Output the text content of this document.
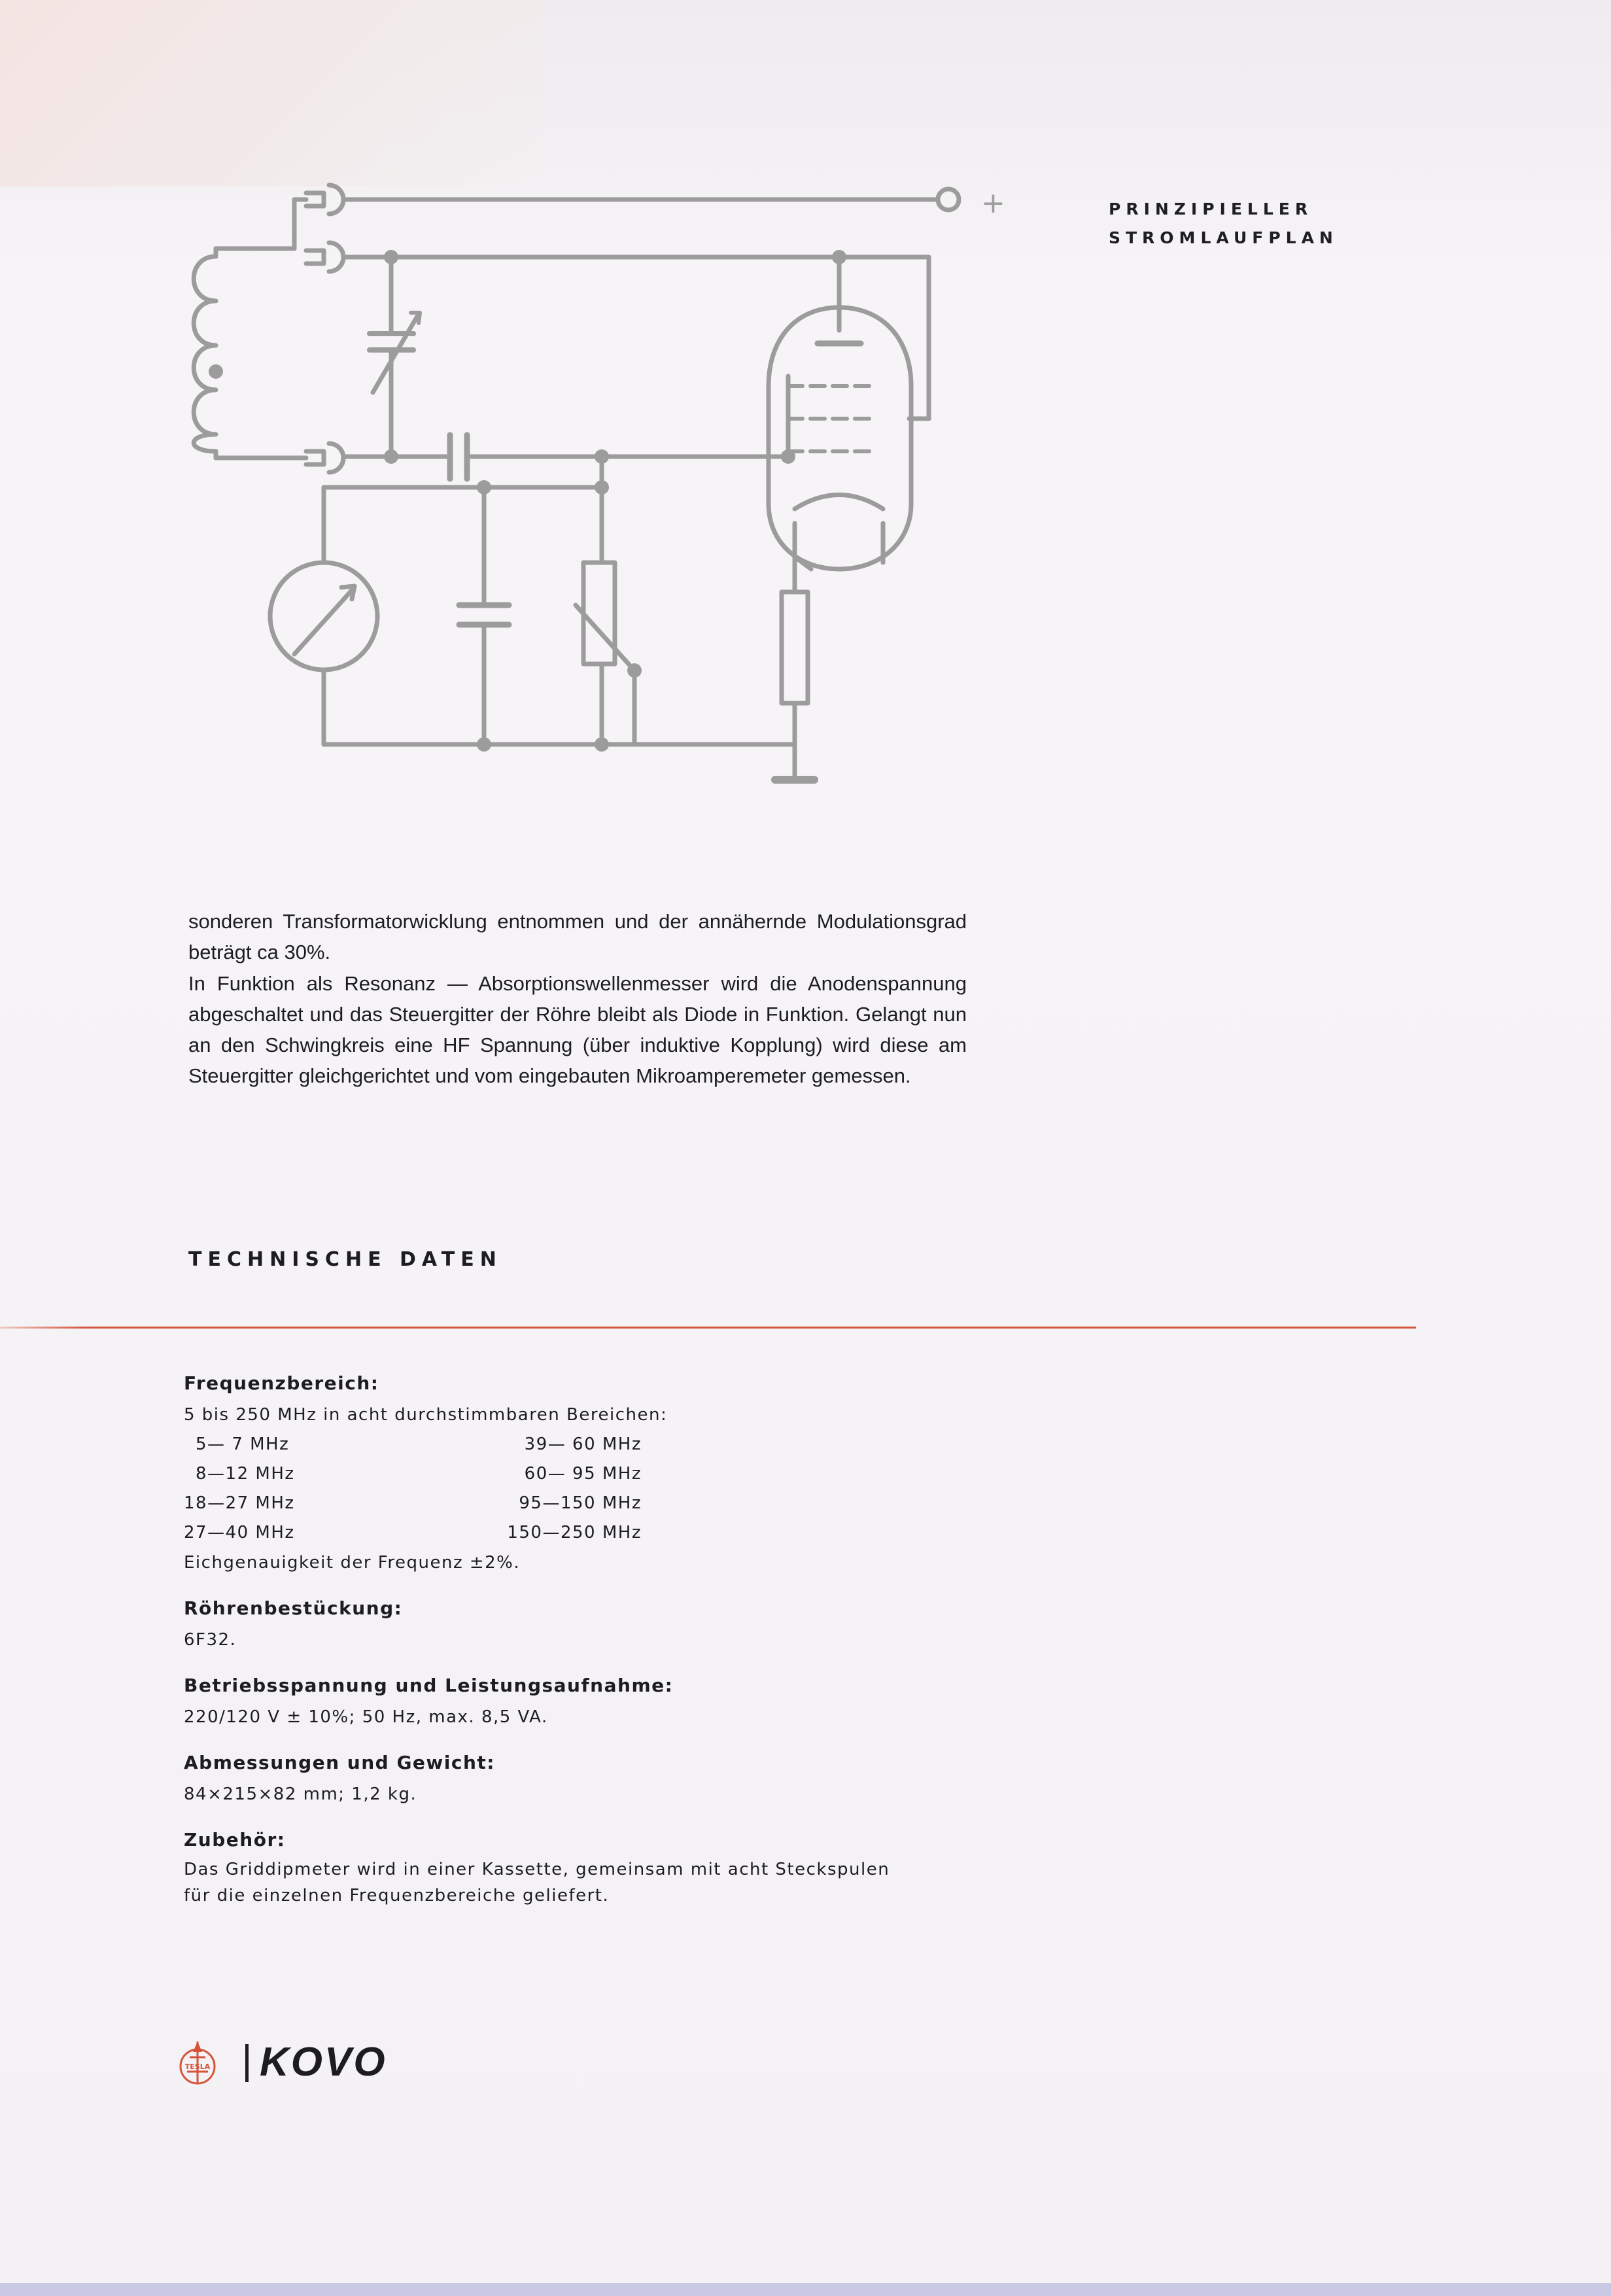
+	PRINZIPIELLER
STROMLAUFPLAN

sonderen Transformatorwicklung entnommen und der annähernde Modulationsgrad beträgt ca 30%.

In Funktion als Resonanz — Absorptionswellenmesser wird die Anodenspannung abgeschaltet und das Steuergitter der Röhre bleibt als Diode in Funktion. Gelangt nun an den Schwingkreis eine HF Spannung (über induktive Kopplung) wird diese am Steuergitter gleichgerichtet und vom eingebauten Mikroamperemeter gemessen.

TECHNISCHE DATEN

Frequenzbereich:

5 bis 250 MHz in acht durchstimmbaren Bereichen:

5— 7 MHz	39— 60 MHz
8—12 MHz	60— 95 MHz
18—27 MHz	95—150 MHz
27—40 MHz	150—250 MHz

Eichgenauigkeit der Frequenz ±2%.

Röhrenbestückung:

6F32.

Betriebsspannung und Leistungsaufnahme:

220/120 V ± 10%; 50 Hz, max. 8,5 VA.

Abmessungen und Gewicht:

84×215×82 mm; 1,2 kg.

Zubehör:

Das Griddipmeter wird in einer Kassette, gemeinsam mit acht Steckspulen

für die einzelnen Frequenzbereiche geliefert.

TESLA KOVO
